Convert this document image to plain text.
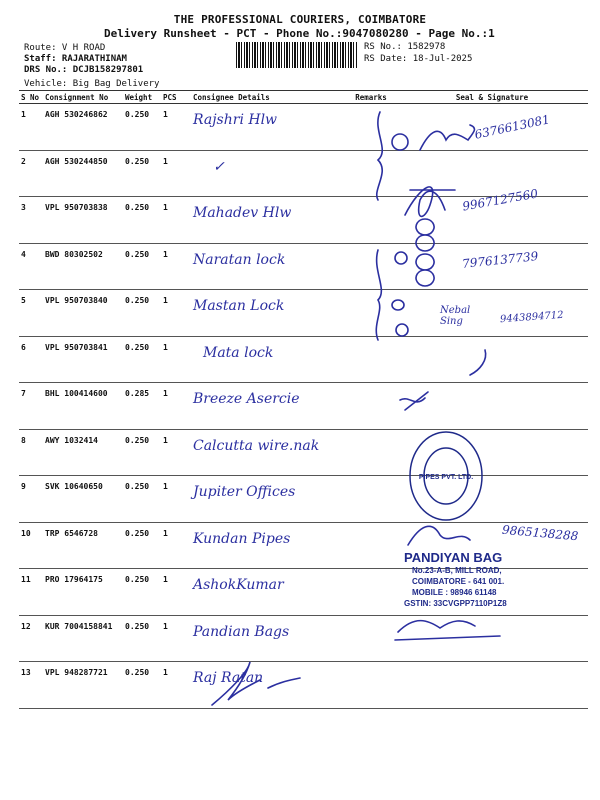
THE PROFESSIONAL COURIERS, COIMBATORE
Delivery Runsheet - PCT - Phone No.:9047080280 - Page No.:1
Route: V H ROAD
Staff: RAJARATHINAM
DRS No.: DCJB158297801
RS No.: 1582978
RS Date: 18-Jul-2025
Vehicle: Big Bag Delivery
S No	Consignment No	Weight	PCS	Consignee Details	Remarks	Seal & Signature
1	AGH 530246862	0.250	1	Rajshri Hlw		
2	AGH 530244850	0.250	1	✓		
3	VPL 950703838	0.250	1	Mahadev Hlw		
4	BWD 80302502	0.250	1	Naratan lock		
5	VPL 950703840	0.250	1	Mastan Lock		
6	VPL 950703841	0.250	1	Mata lock		
7	BHL 100414600	0.285	1	Breeze Asercie		
8	AWY 1032414	0.250	1	Calcutta wire.nak		
9	SVK 10640650	0.250	1	Jupiter Offices		
10	TRP 6546728	0.250	1	Kundan Pipes		
11	PRO 17964175	0.250	1	AshokKumar		
12	KUR 7004158841	0.250	1	Pandian Bags		
13	VPL 948287721	0.250	1	Raj Ratan		
6376613081
9967127560
7976137739
9443894712
Nebal Sing
9865138288
PIPES PVT. LTD.
PANDIYAN BAG
No.23-A-B, MILL ROAD,
COIMBATORE - 641 001.
MOBILE : 98946 61148
GSTIN: 33CVGPP7110P1Z8
